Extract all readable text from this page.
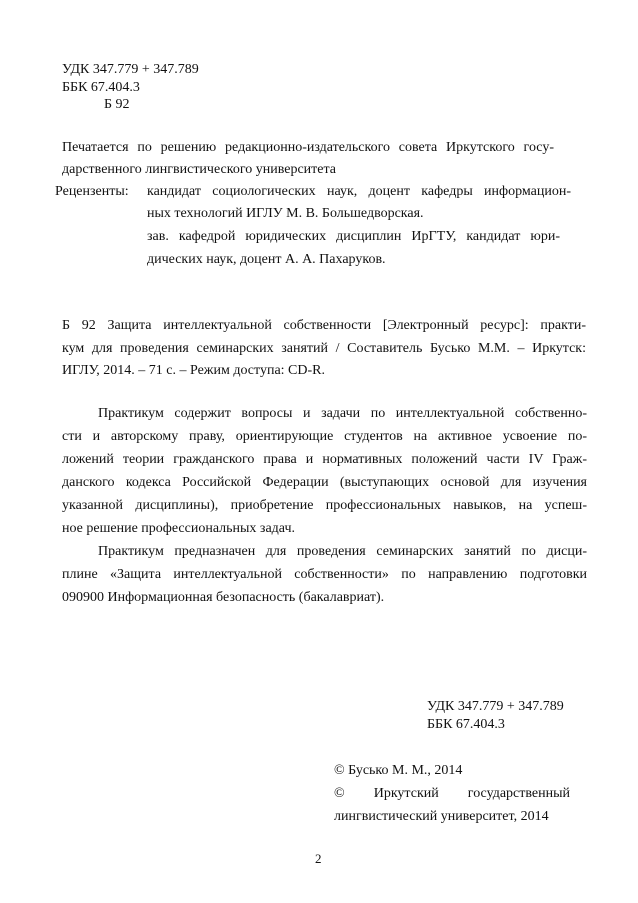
УДК 347.779 + 347.789
ББК 67.404.3
Б 92
Печатается по решению редакционно-издательского совета Иркутского госу-
дарственного лингвистического университета
Рецензенты: кандидат социологических наук, доцент кафедры информацион-
ных технологий ИГЛУ М. В. Большедворская.
зав. кафедрой юридических дисциплин ИрГТУ, кандидат юри-
дических наук, доцент А. А. Пахаруков.
Б 92 Защита интеллектуальной собственности [Электронный ресурс]: практи-
кум для проведения семинарских занятий / Составитель Бусько М.М. – Иркутск:
ИГЛУ, 2014. – 71 с. – Режим доступа: CD-R.
Практикум содержит вопросы и задачи по интеллектуальной собственно-
сти и авторскому праву, ориентирующие студентов на активное усвоение по-
ложений теории гражданского права и нормативных положений части IV Граж-
данского кодекса Российской Федерации (выступающих основой для изучения
указанной дисциплины), приобретение профессиональных навыков, на успеш-
ное решение профессиональных задач.
Практикум предназначен для проведения семинарских занятий по дисци-
плине «Защита интеллектуальной собственности» по направлению подготовки
090900 Информационная безопасность (бакалавриат).
УДК 347.779 + 347.789
ББК 67.404.3
© Бусько М. М., 2014
© Иркутский государственный
лингвистический университет, 2014
2
